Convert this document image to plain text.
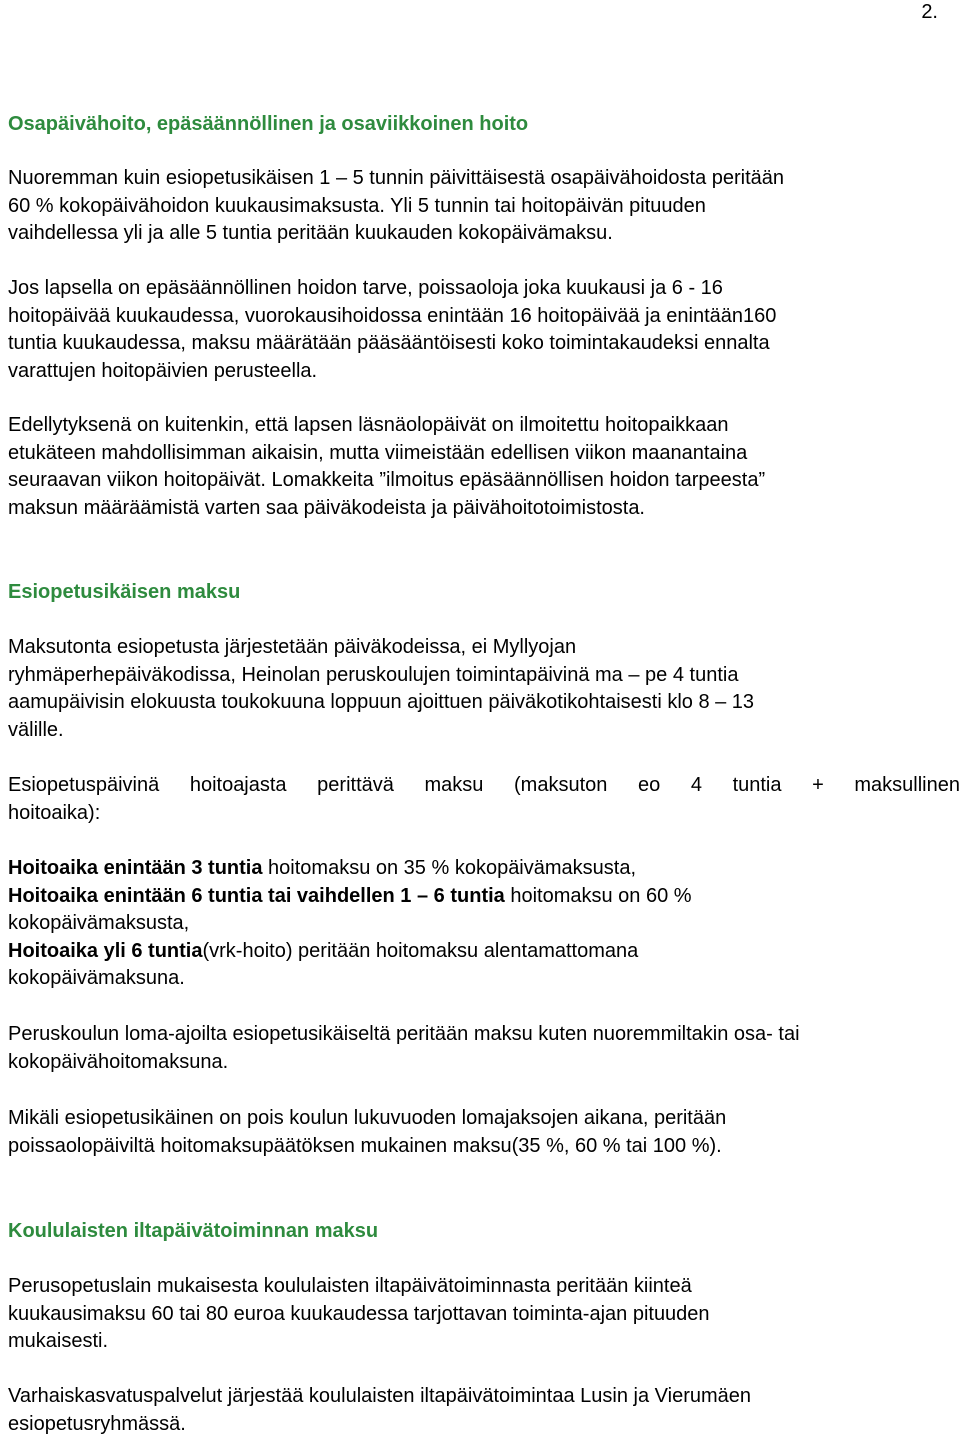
2.
Osapäivähoito, epäsäännöllinen ja osaviikkoinen hoito

Nuoremman kuin esiopetusikäisen 1 – 5 tunnin päivittäisestä osapäivähoidosta peritään
60 % kokopäivähoidon kuukausimaksusta. Yli 5 tunnin tai hoitopäivän pituuden
vaihdellessa yli ja alle 5 tuntia peritään kuukauden kokopäivämaksu.

Jos lapsella on epäsäännöllinen hoidon tarve, poissaoloja joka kuukausi ja 6 - 16
hoitopäivää kuukaudessa, vuorokausihoidossa enintään 16 hoitopäivää ja enintään160
tuntia kuukaudessa, maksu määrätään pääsääntöisesti koko toimintakaudeksi ennalta
varattujen hoitopäivien perusteella.

Edellytyksenä on kuitenkin, että lapsen läsnäolopäivät on ilmoitettu hoitopaikkaan
etukäteen mahdollisimman aikaisin, mutta viimeistään edellisen viikon maanantaina
seuraavan viikon hoitopäivät. Lomakkeita ”ilmoitus epäsäännöllisen hoidon tarpeesta”
maksun määräämistä varten saa päiväkodeista ja päivähoitotoimistosta.

Esiopetusikäisen maksu

Maksutonta esiopetusta järjestetään päiväkodeissa, ei Myllyojan
ryhmäperhepäiväkodissa, Heinolan peruskoulujen toimintapäivinä ma – pe 4 tuntia
aamupäivisin elokuusta toukokuuna loppuun ajoittuen päiväkotikohtaisesti klo 8 – 13
välille.

Esiopetuspäivinä hoitoajasta perittävä maksu (maksuton eo 4 tuntia + maksullinen

hoitoaika):

Hoitoaika enintään 3 tuntia hoitomaksu on 35 % kokopäivämaksusta,
Hoitoaika enintään 6 tuntia tai vaihdellen 1 – 6 tuntia hoitomaksu on 60 %
kokopäivämaksusta,
Hoitoaika yli 6 tuntia(vrk-hoito) peritään hoitomaksu alentamattomana
kokopäivämaksuna.

Peruskoulun loma-ajoilta esiopetusikäiseltä peritään maksu kuten nuoremmiltakin osa- tai
kokopäivähoitomaksuna.

Mikäli esiopetusikäinen on pois koulun lukuvuoden lomajaksojen aikana, peritään
poissaolopäiviltä hoitomaksupäätöksen mukainen maksu(35 %, 60 % tai 100 %).

Koululaisten iltapäivätoiminnan maksu

Perusopetuslain mukaisesta koululaisten iltapäivätoiminnasta peritään kiinteä
kuukausimaksu 60 tai 80 euroa kuukaudessa tarjottavan toiminta-ajan pituuden
mukaisesti.

Varhaiskasvatuspalvelut järjestää koululaisten iltapäivätoimintaa Lusin ja Vierumäen
esiopetusryhmässä.
